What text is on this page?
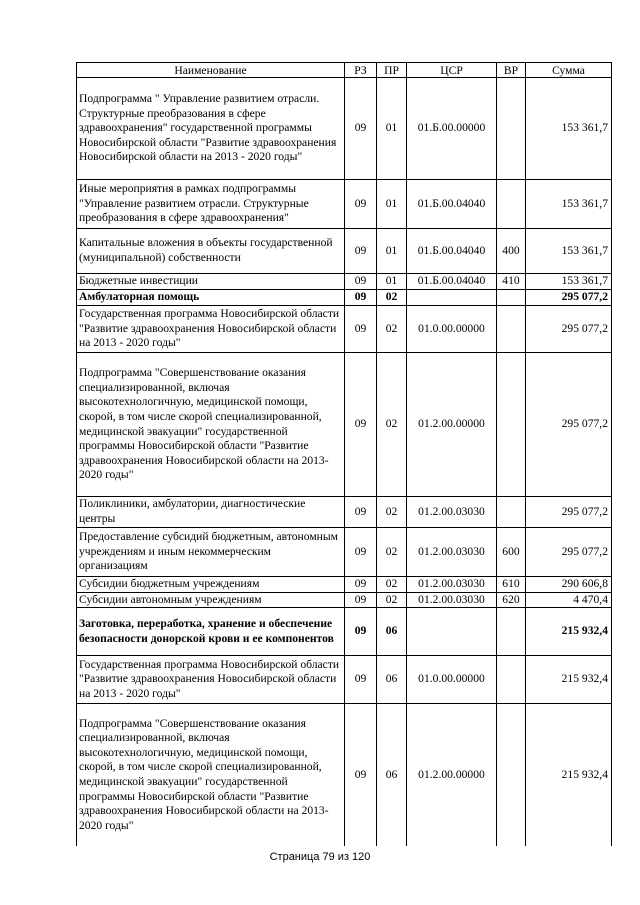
Наименование	РЗ	ПР	ЦСР	ВР	Сумма
Подпрограмма " Управление развитием отрасли. Структурные преобразования в сфере здравоохранения" государственной программы Новосибирской области "Развитие здравоохранения Новосибирской области на 2013 - 2020 годы"	09	01	01.Б.00.00000		153 361,7
Иные мероприятия в рамках подпрограммы "Управление развитием отрасли. Структурные преобразования в сфере здравоохранения"	09	01	01.Б.00.04040		153 361,7
Капитальные вложения в объекты государственной (муниципальной) собственности	09	01	01.Б.00.04040	400	153 361,7
Бюджетные инвестиции	09	01	01.Б.00.04040	410	153 361,7
Амбулаторная помощь	09	02			295 077,2
Государственная программа Новосибирской области "Развитие здравоохранения Новосибирской области на 2013 - 2020 годы"	09	02	01.0.00.00000		295 077,2
Подпрограмма "Совершенствование оказания специализированной, включая высокотехнологичную, медицинской помощи, скорой, в том числе скорой специализированной, медицинской эвакуации" государственной программы Новосибирской области "Развитие здравоохранения Новосибирской области на 2013-2020 годы"	09	02	01.2.00.00000		295 077,2
Поликлиники, амбулатории, диагностические центры	09	02	01.2.00.03030		295 077,2
Предоставление субсидий бюджетным, автономным учреждениям и иным некоммерческим организациям	09	02	01.2.00.03030	600	295 077,2
Субсидии бюджетным учреждениям	09	02	01.2.00.03030	610	290 606,8
Субсидии автономным учреждениям	09	02	01.2.00.03030	620	4 470,4
Заготовка, переработка, хранение и обеспечение безопасности донорской крови и ее компонентов	09	06			215 932,4
Государственная программа Новосибирской области "Развитие здравоохранения Новосибирской области на 2013 - 2020 годы"	09	06	01.0.00.00000		215 932,4
Подпрограмма "Совершенствование оказания специализированной, включая высокотехнологичную, медицинской помощи, скорой, в том числе скорой специализированной, медицинской эвакуации" государственной программы Новосибирской области "Развитие здравоохранения Новосибирской области на 2013-2020 годы"	09	06	01.2.00.00000		215 932,4
Страница 79 из 120
